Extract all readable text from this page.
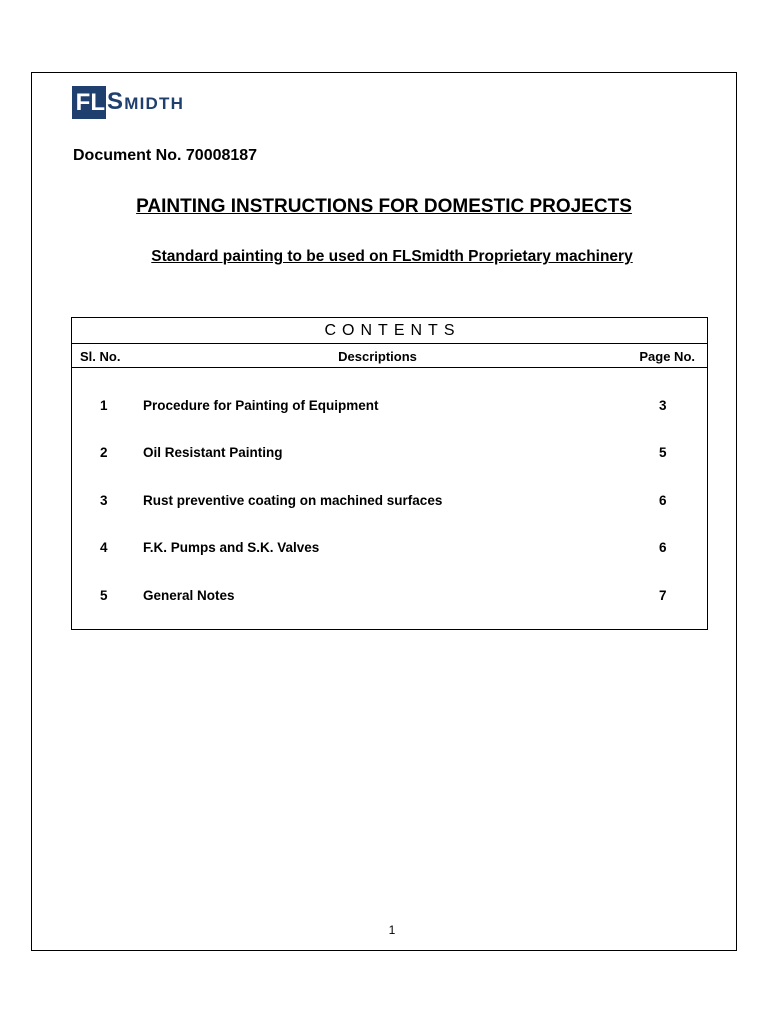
FL SMIDTH
Document No. 70008187
PAINTING INSTRUCTIONS FOR DOMESTIC PROJECTS
Standard painting to be used on FLSmidth Proprietary machinery
CONTENTS
Sl. No.	Descriptions	Page No.
1	Procedure for Painting of Equipment	3
2	Oil Resistant Painting	5
3	Rust preventive coating on machined surfaces	6
4	F.K. Pumps and S.K. Valves	6
5	General Notes	7
1
